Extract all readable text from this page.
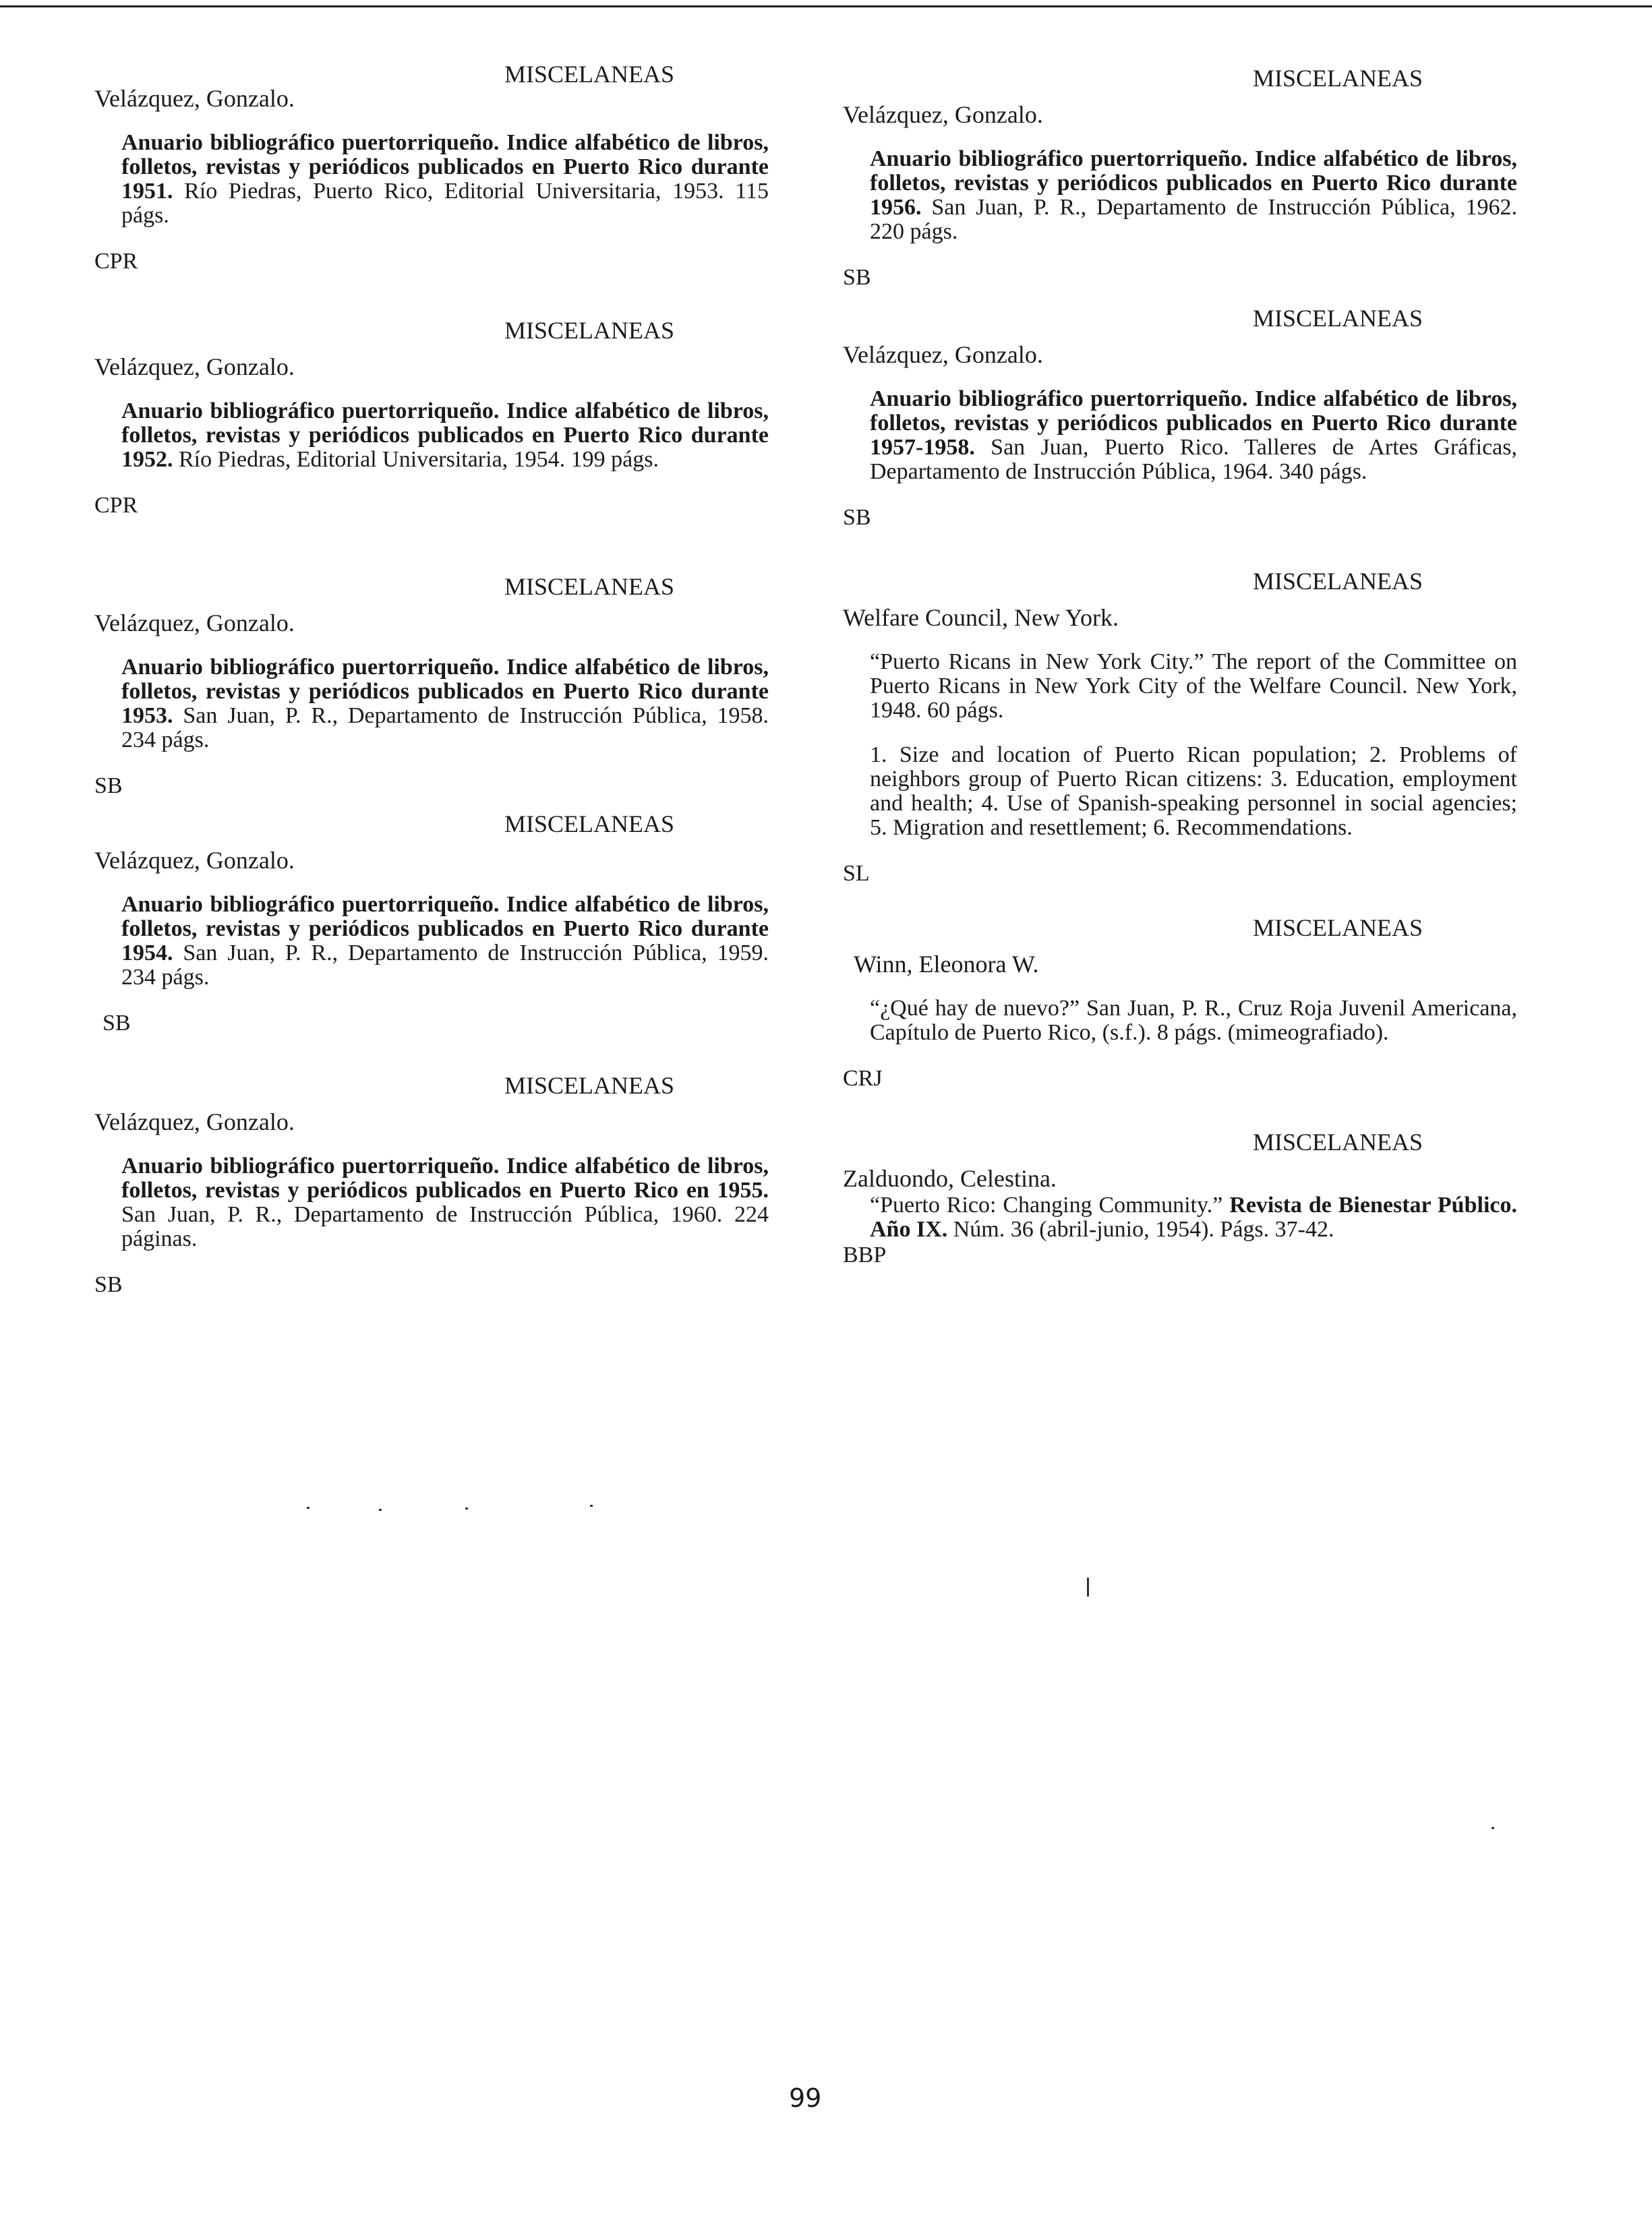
MISCELANEAS
Velázquez, Gonzalo.
Anuario bibliográfico puertorriqueño. Indice alfabético de libros, folletos, revistas y periódicos publicados en Puerto Rico durante 1951. Río Piedras, Puerto Rico, Editorial Universitaria, 1953. 115 págs.
CPR
MISCELANEAS
Velázquez, Gonzalo.
Anuario bibliográfico puertorriqueño. Indice alfabético de libros, folletos, revistas y periódicos publicados en Puerto Rico durante 1952. Río Piedras, Editorial Universitaria, 1954. 199 págs.
CPR
MISCELANEAS
Velázquez, Gonzalo.
Anuario bibliográfico puertorriqueño. Indice alfabético de libros, folletos, revistas y periódicos publicados en Puerto Rico durante 1953. San Juan, P. R., Departamento de Instrucción Pública, 1958. 234 págs.
SB
MISCELANEAS
Velázquez, Gonzalo.
Anuario bibliográfico puertorriqueño. Indice alfabético de libros, folletos, revistas y periódicos publicados en Puerto Rico durante 1954. San Juan, P. R., Departamento de Instrucción Pública, 1959. 234 págs.
SB
MISCELANEAS
Velázquez, Gonzalo.
Anuario bibliográfico puertorriqueño. Indice alfabético de libros, folletos, revistas y periódicos publicados en Puerto Rico en 1955. San Juan, P. R., Departamento de Instrucción Pública, 1960. 224 páginas.
SB
MISCELANEAS
Velázquez, Gonzalo.
Anuario bibliográfico puertorriqueño. Indice alfabético de libros, folletos, revistas y periódicos publicados en Puerto Rico durante 1956. San Juan, P. R., Departamento de Instrucción Pública, 1962. 220 págs.
SB
MISCELANEAS
Velázquez, Gonzalo.
Anuario bibliográfico puertorriqueño. Indice alfabético de libros, folletos, revistas y periódicos publicados en Puerto Rico durante 1957-1958. San Juan, Puerto Rico. Talleres de Artes Gráficas, Departamento de Instrucción Pública, 1964. 340 págs.
SB
MISCELANEAS
Welfare Council, New York.
“Puerto Ricans in New York City.” The report of the Committee on Puerto Ricans in New York City of the Welfare Council. New York, 1948. 60 págs.
1. Size and location of Puerto Rican population; 2. Problems of neighbors group of Puerto Rican citizens: 3. Education, employment and health; 4. Use of Spanish-speaking personnel in social agencies; 5. Migration and resettlement; 6. Recommendations.
SL
MISCELANEAS
Winn, Eleonora W.
“¿Qué hay de nuevo?” San Juan, P. R., Cruz Roja Juvenil Americana, Capítulo de Puerto Rico, (s.f.). 8 págs. (mimeografiado).
CRJ
MISCELANEAS
Zalduondo, Celestina.
“Puerto Rico: Changing Community.” Revista de Bienestar Público. Año IX. Núm. 36 (abril-junio, 1954). Págs. 37-42.
BBP
99
